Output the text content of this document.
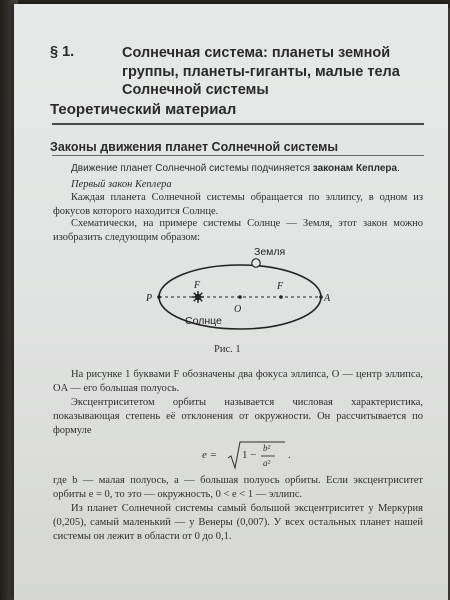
§ 1.	Солнечная система: планеты земной группы, планеты-гиганты, малые тела Солнечной системы
Теоретический материал
Законы движения планет Солнечной системы

Движение планет Солнечной системы подчиняется законам Кеплера.

Первый закон Кеплера

Каждая планета Солнечной системы обращается по эллипсу, в одном из фокусов которого находится Солнце.

Схематически, на примере системы Солнце — Земля, этот закон можно изобразить следующим образом:

Земля
Солнце
F	F
O
P	A
Рис. 1

На рисунке 1 буквами F обозначены два фокуса эллипса, O — центр эллипса, OA — его большая полуось.

Эксцентриситетом орбиты называется числовая характеристика, показывающая степень её отклонения от окружности. Он рассчитывается по формуле

e = 1 −
b²
a²
.

где b — малая полуось, a — большая полуось орбиты. Если эксцентриситет орбиты e = 0, то это — окружность, 0 < e < 1 — эллипс.

Из планет Солнечной системы самый большой эксцентриситет у Меркурия (0,205), самый маленький — у Венеры (0,007). У всех остальных планет нашей системы он лежит в области от 0 до 0,1.
